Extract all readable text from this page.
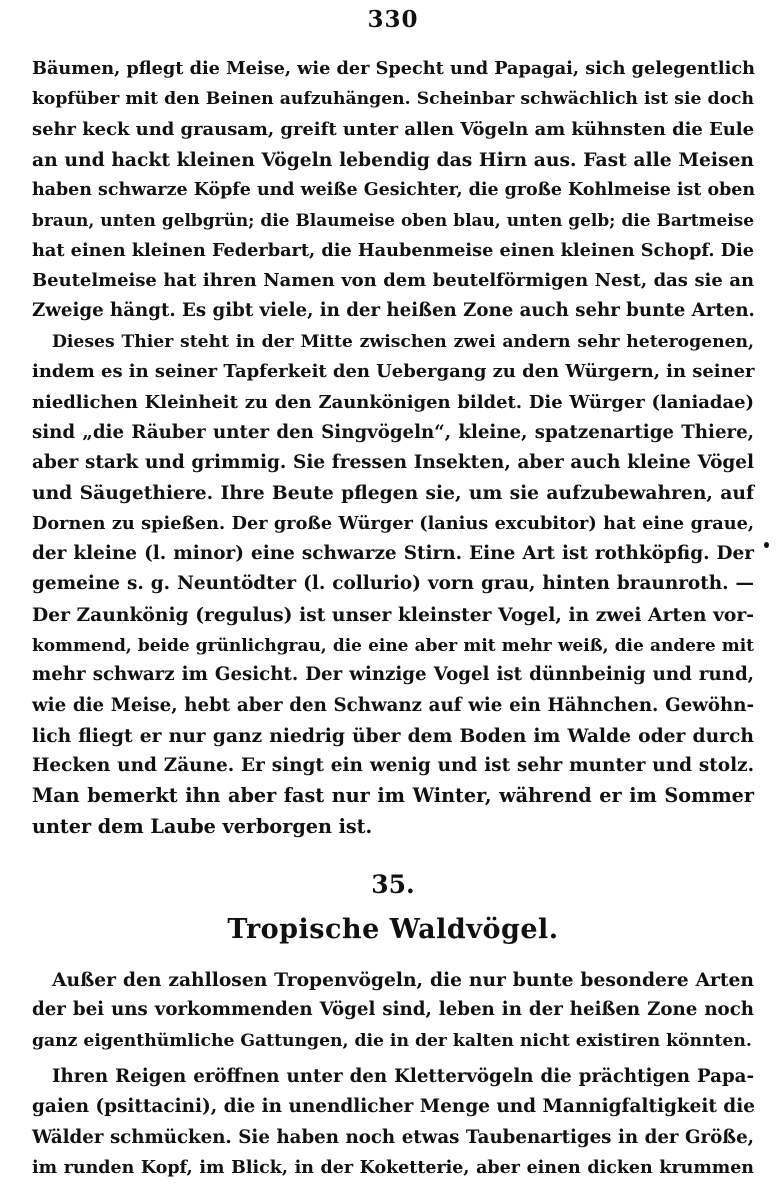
330
Bäumen, pflegt die Meise, wie der Specht und Papagai, sich gelegentlich
kopfüber mit den Beinen aufzuhängen. Scheinbar schwächlich ist sie doch
sehr keck und grausam, greift unter allen Vögeln am kühnsten die Eule
an und hackt kleinen Vögeln lebendig das Hirn aus. Fast alle Meisen
haben schwarze Köpfe und weiße Gesichter, die große Kohlmeise ist oben
braun, unten gelbgrün; die Blaumeise oben blau, unten gelb; die Bartmeise
hat einen kleinen Federbart, die Haubenmeise einen kleinen Schopf. Die
Beutelmeise hat ihren Namen von dem beutelförmigen Nest, das sie an
Zweige hängt. Es gibt viele, in der heißen Zone auch sehr bunte Arten.
Dieses Thier steht in der Mitte zwischen zwei andern sehr heterogenen,
indem es in seiner Tapferkeit den Uebergang zu den Würgern, in seiner
niedlichen Kleinheit zu den Zaunkönigen bildet. Die Würger (laniadae)
sind „die Räuber unter den Singvögeln“, kleine, spatzenartige Thiere,
aber stark und grimmig. Sie fressen Insekten, aber auch kleine Vögel
und Säugethiere. Ihre Beute pflegen sie, um sie aufzubewahren, auf
Dornen zu spießen. Der große Würger (lanius excubitor) hat eine graue,
der kleine (l. minor) eine schwarze Stirn. Eine Art ist rothköpfig. Der
gemeine s. g. Neuntödter (l. collurio) vorn grau, hinten braunroth. —
Der Zaunkönig (regulus) ist unser kleinster Vogel, in zwei Arten vor-
kommend, beide grünlichgrau, die eine aber mit mehr weiß, die andere mit
mehr schwarz im Gesicht. Der winzige Vogel ist dünnbeinig und rund,
wie die Meise, hebt aber den Schwanz auf wie ein Hähnchen. Gewöhn-
lich fliegt er nur ganz niedrig über dem Boden im Walde oder durch
Hecken und Zäune. Er singt ein wenig und ist sehr munter und stolz.
Man bemerkt ihn aber fast nur im Winter, während er im Sommer
unter dem Laube verborgen ist.
35.
Tropische Waldvögel.
Außer den zahllosen Tropenvögeln, die nur bunte besondere Arten
der bei uns vorkommenden Vögel sind, leben in der heißen Zone noch
ganz eigenthümliche Gattungen, die in der kalten nicht existiren könnten.
Ihren Reigen eröffnen unter den Klettervögeln die prächtigen Papa-
gaien (psittacini), die in unendlicher Menge und Mannigfaltigkeit die
Wälder schmücken. Sie haben noch etwas Taubenartiges in der Größe,
im runden Kopf, im Blick, in der Koketterie, aber einen dicken krummen
